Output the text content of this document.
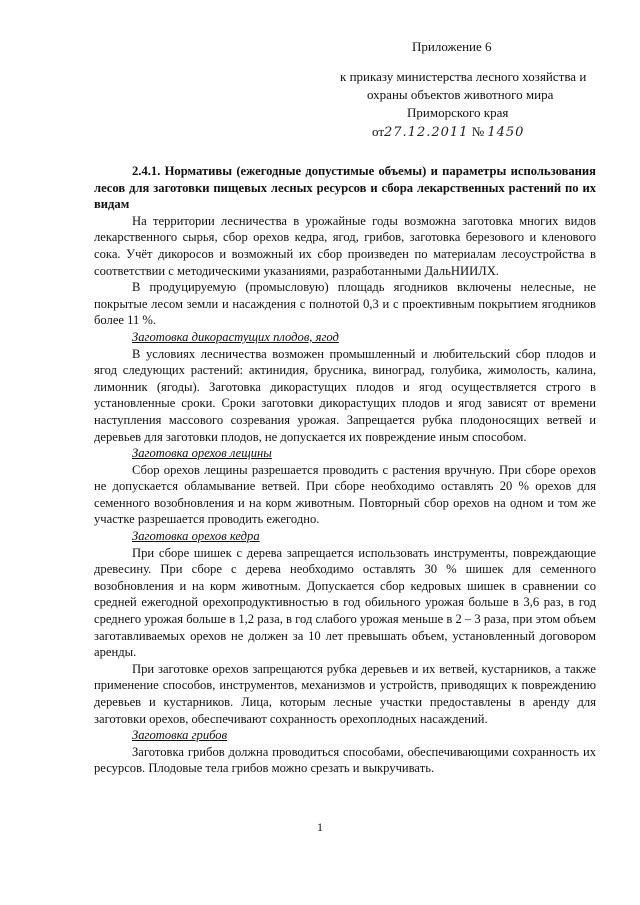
Приложение 6
к приказу министерства лесного хозяйства и
охраны объектов животного мира
Приморского края
от27.12.2011 № 1450

2.4.1. Нормативы (ежегодные допустимые объемы) и параметры использования лесов для заготовки пищевых лесных ресурсов и сбора лекарственных растений по их видам

На территории лесничества в урожайные годы возможна заготовка многих видов лекарственного сырья, сбор орехов кедра, ягод, грибов, заготовка березового и кленового сока. Учёт дикоросов и возможный их сбор произведен по материалам лесоустройства в соответствии с методическими указаниями, разработанными ДальНИИЛХ.

В продуцируемую (промысловую) площадь ягодников включены нелесные, не покрытые лесом земли и насаждения с полнотой 0,3 и с проективным покрытием ягодников более 11 %.

Заготовка дикорастущих плодов, ягод

В условиях лесничества возможен промышленный и любительский сбор плодов и ягод следующих растений: актинидия, брусника, виноград, голубика, жимолость, калина, лимонник (ягоды). Заготовка дикорастущих плодов и ягод осуществляется строго в установленные сроки. Сроки заготовки дикорастущих плодов и ягод зависят от времени наступления массового созревания урожая. Запрещается рубка плодоносящих ветвей и деревьев для заготовки плодов, не допускается их повреждение иным способом.

Заготовка орехов лещины

Сбор орехов лещины разрешается проводить с растения вручную. При сборе орехов не допускается обламывание ветвей. При сборе необходимо оставлять 20 % орехов для семенного возобновления и на корм животным. Повторный сбор орехов на одном и том же участке разрешается проводить ежегодно.

Заготовка орехов кедра

При сборе шишек с дерева запрещается использовать инструменты, повреждающие древесину. При сборе с дерева необходимо оставлять 30 % шишек для семенного возобновления и на корм животным. Допускается сбор кедровых шишек в сравнении со средней ежегодной орехопродуктивностью в год обильного урожая больше в 3,6 раз, в год среднего урожая больше в 1,2 раза, в год слабого урожая меньше в 2 – 3 раза, при этом объем заготавливаемых орехов не должен за 10 лет превышать объем, установленный договором аренды.

При заготовке орехов запрещаются рубка деревьев и их ветвей, кустарников, а также применение способов, инструментов, механизмов и устройств, приводящих к повреждению деревьев и кустарников. Лица, которым лесные участки предоставлены в аренду для заготовки орехов, обеспечивают сохранность орехоплодных насаждений.

Заготовка грибов

Заготовка грибов должна проводиться способами, обеспечивающими сохранность их ресурсов. Плодовые тела грибов можно срезать и выкручивать.

1
